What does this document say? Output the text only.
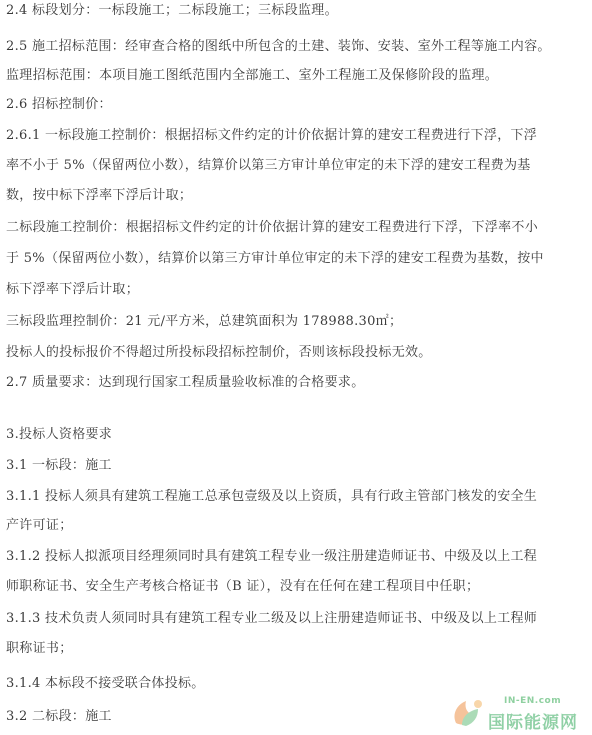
2.4 标段划分：一标段施工；二标段施工；三标段监理。
2.5 施工招标范围：经审查合格的图纸中所包含的土建、装饰、安装、室外工程等施工内容。
监理招标范围：本项目施工图纸范围内全部施工、室外工程施工及保修阶段的监理。
2.6 招标控制价：
2.6.1 一标段施工控制价：根据招标文件约定的计价依据计算的建安工程费进行下浮，下浮
率不小于 5%（保留两位小数），结算价以第三方审计单位审定的未下浮的建安工程费为基
数，按中标下浮率下浮后计取；
二标段施工控制价：根据招标文件约定的计价依据计算的建安工程费进行下浮，下浮率不小
于 5%（保留两位小数），结算价以第三方审计单位审定的未下浮的建安工程费为基数，按中
标下浮率下浮后计取；
三标段监理控制价：21 元/平方米，总建筑面积为 178988.30㎡；
投标人的投标报价不得超过所投标段招标控制价，否则该标段投标无效。
2.7 质量要求：达到现行国家工程质量验收标准的合格要求。
3.投标人资格要求
3.1 一标段：施工
3.1.1 投标人须具有建筑工程施工总承包壹级及以上资质，具有行政主管部门核发的安全生
产许可证；
3.1.2 投标人拟派项目经理须同时具有建筑工程专业一级注册建造师证书、中级及以上工程
师职称证书、安全生产考核合格证书（B 证），没有在任何在建工程项目中任职；
3.1.3 技术负责人须同时具有建筑工程专业二级及以上注册建造师证书、中级及以上工程师
职称证书；
3.1.4 本标段不接受联合体投标。
3.2 二标段：施工
IN-EN.com
国际能源网
